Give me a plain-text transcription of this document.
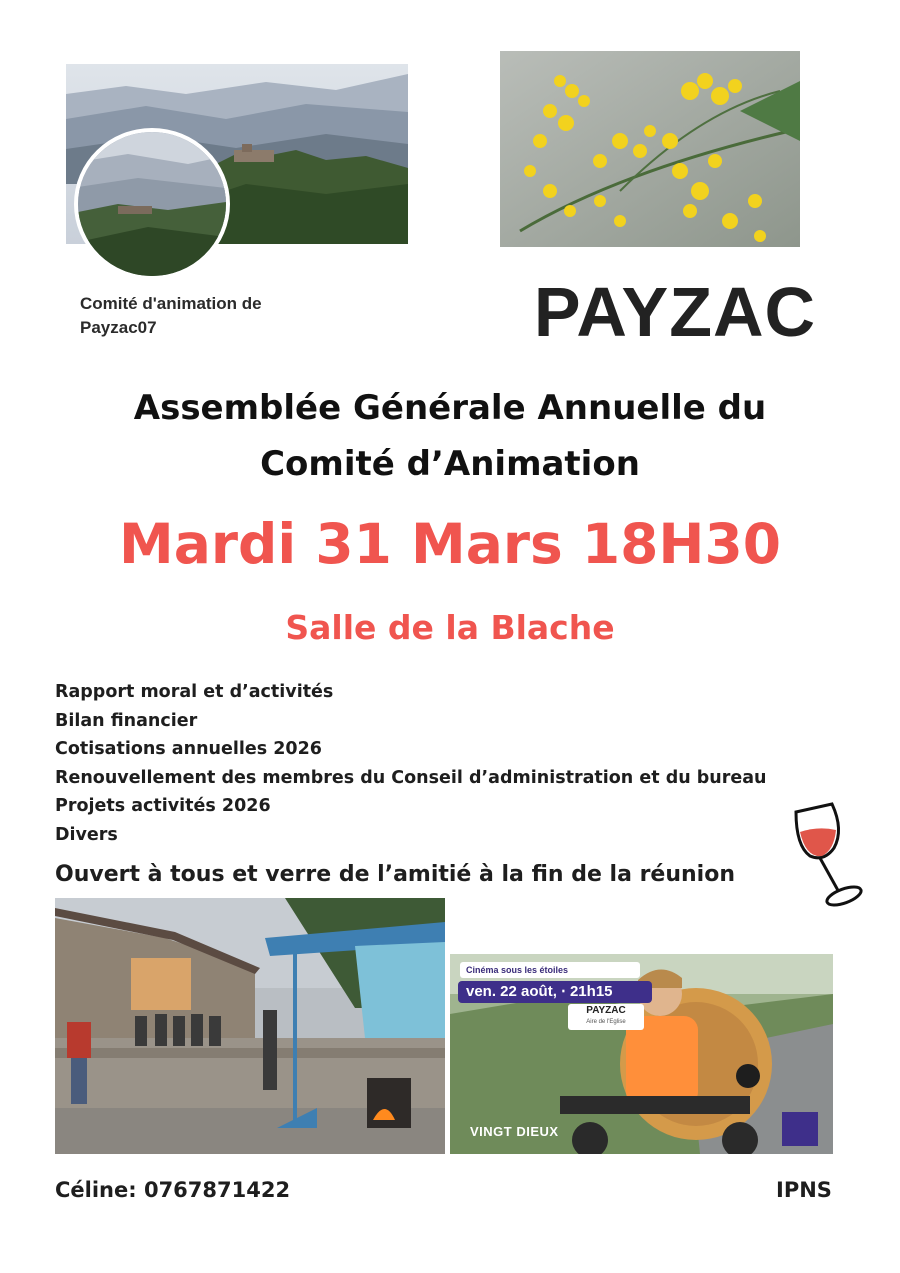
Comité d'animation de Payzac07	PAYZAC
Assemblée Générale Annuelle du
Comité d’Animation
Mardi 31 Mars 18H30
Salle de la Blache
Rapport moral et d’activités
Bilan financier
Cotisations annuelles 2026
Renouvellement des membres du Conseil d’administration et du bureau
Projets activités 2026
Divers
Ouvert à tous et verre de l’amitié à la fin de la réunion
Cinéma sous les étoiles
ven. 22 août, ⋅ 21h15
PAYZAC
Aire de l'Eglise
VINGT DIEUX
Céline: 0767871422	IPNS
